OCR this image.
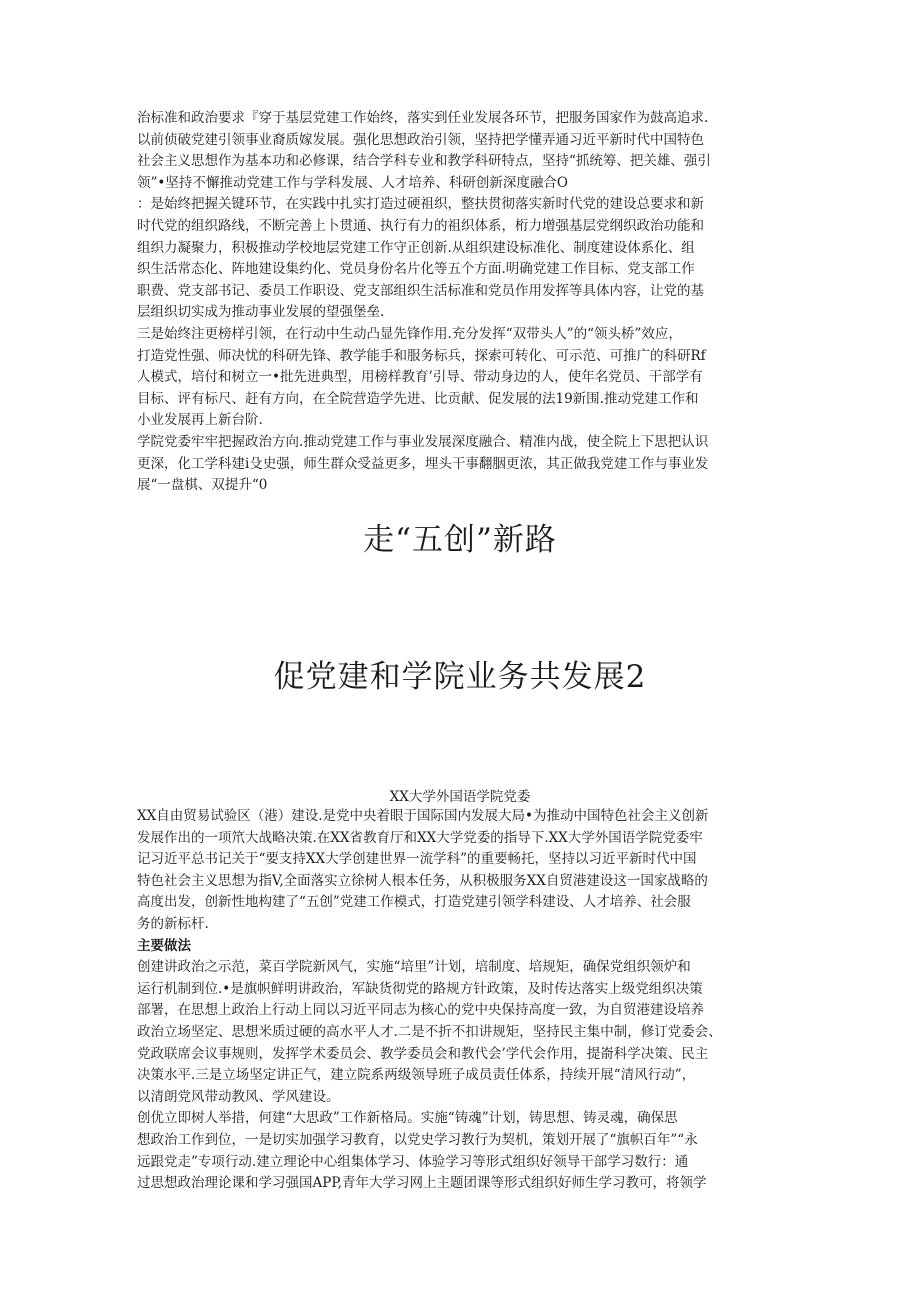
治标准和政治要求『穿于基层党建工作始终，落实到任业发展各环节，把服务国家作为鼓高追求.
以前侦破党建引领事业裔质嫁发展。强化思想政治引领，坚持把学懂弄通习近平新时代中国特色
社会主义思想作为基本功和必修课，结合学科专业和教学科研特点，坚持“抓统筹、把关雄、强引
领”•坚持不懈推动党建工作与学科发展、人才培养、科研创新深度融合O

：是始终把握关键环节，在实践中扎实打造过硬祖织，整扶贯彻落实新时代党的建设总要求和新
时代党的组织路线，不断完善上卜贯通、执行有力的祖织体系，桁力增强基层党纲织政治功能和
组织力凝聚力，积极推动学校地层党建工作守正创新.从组织建设标准化、制度建设体系化、组
织生活常态化、阵地建设集约化、党员身份名片化等五个方面.明确党建工作目标、党支部工作
职费、党支部书记、委员工作职设、党支部组织生活标准和党员作用发挥等具体内容，让党的基
层组织切实成为推动事业发展的望强堡垒.

三是始终注更榜样引领，在行动中生动凸显先锋作用.充分发挥“双带头人”的“领头桥”效应，
打造党性强、师决忧的科研先锋、教学能手和服务标兵，探索可转化、可示范、可推广的科研Rf
人模式，培付和树立一•批先进典型，用榜样教育’引导、带动身边的人，使年名党员、干部学有
目标、评有标尺、赶有方向，在全院营造学先进、比贡献、促发展的法19新围.推动党建工作和
小业发展再上新台阶.

学院党委牢牢把握政治方向.推动党建工作与事业发展深度融合、精准内战，使全院上下思把认识
更深，化工学科建i殳史强，师生群众受益更多，埋头干事翻胭更浓，其正做我党建工作与事业发
展“一盘棋、双提升“0

走“五创”新路
促党建和学院业务共发展2

XX大学外国语学院党委

XX自由贸易试验区（港）建设.是党中央着眼于国际国内发展大局•为推动中国特色社会主义创新
发展作出的一项笊大战略决策.在XX省教育厅和XX大学党委的指导下.XX大学外国语学院党委牢
记习近平总书记关于“要支持XX大学创建世界一流学科”的重要畅托，坚持以习近平新时代中国
特色社会主义思想为指V,全面落实立徐树人根本任务，从积极服务XX自贸港建设这一国家战略的
高度出发，创新性地构建了“五创”党建工作模式，打造党建引领学科建设、人才培养、社会服
务的新标杆.

主要做法

创建讲政治之示范，菜百学院新风气，实施“培里”计划，培制度、培规矩，确保党组织领炉和
运行机制到位.•是旗帜鲜明讲政治，军缺货彻党的路规方针政策，及时传达落实上级党组织决策
部署，在思想上政治上行动上同以习近平同志为核心的党中央保持高度一致，为自贸港建设培养
政治立场坚定、思想米质过硬的高水平人才.二是不折不扣讲规矩，坚持民主集中制，修订党委会、
党政联席会议事规则，发挥学术委员会、教学委员会和教代会’学代会作用，提嵛科学决策、民主
决策水平.三是立场坚定讲正气，建立院系两级领导班子成员责任体系，持续开展“清风行动”，
以清朗党风带动教风、学风建设。

创优立即树人举措，何建“大思政”工作新格局。实施“铸魂”计划，铸思想、铸灵魂，确保思
想政治工作到位，一是切实加强学习教育，以党史学习教行为契机，策划开展了“旗帜百年”“永
远跟党走”专项行动.建立理论中心组集体学习、体验学习等形式组织好领导干部学习数行：通
过思想政治理论课和学习强国APP,青年大学习网上主题团课等形式组织好师生学习教可，将领学
